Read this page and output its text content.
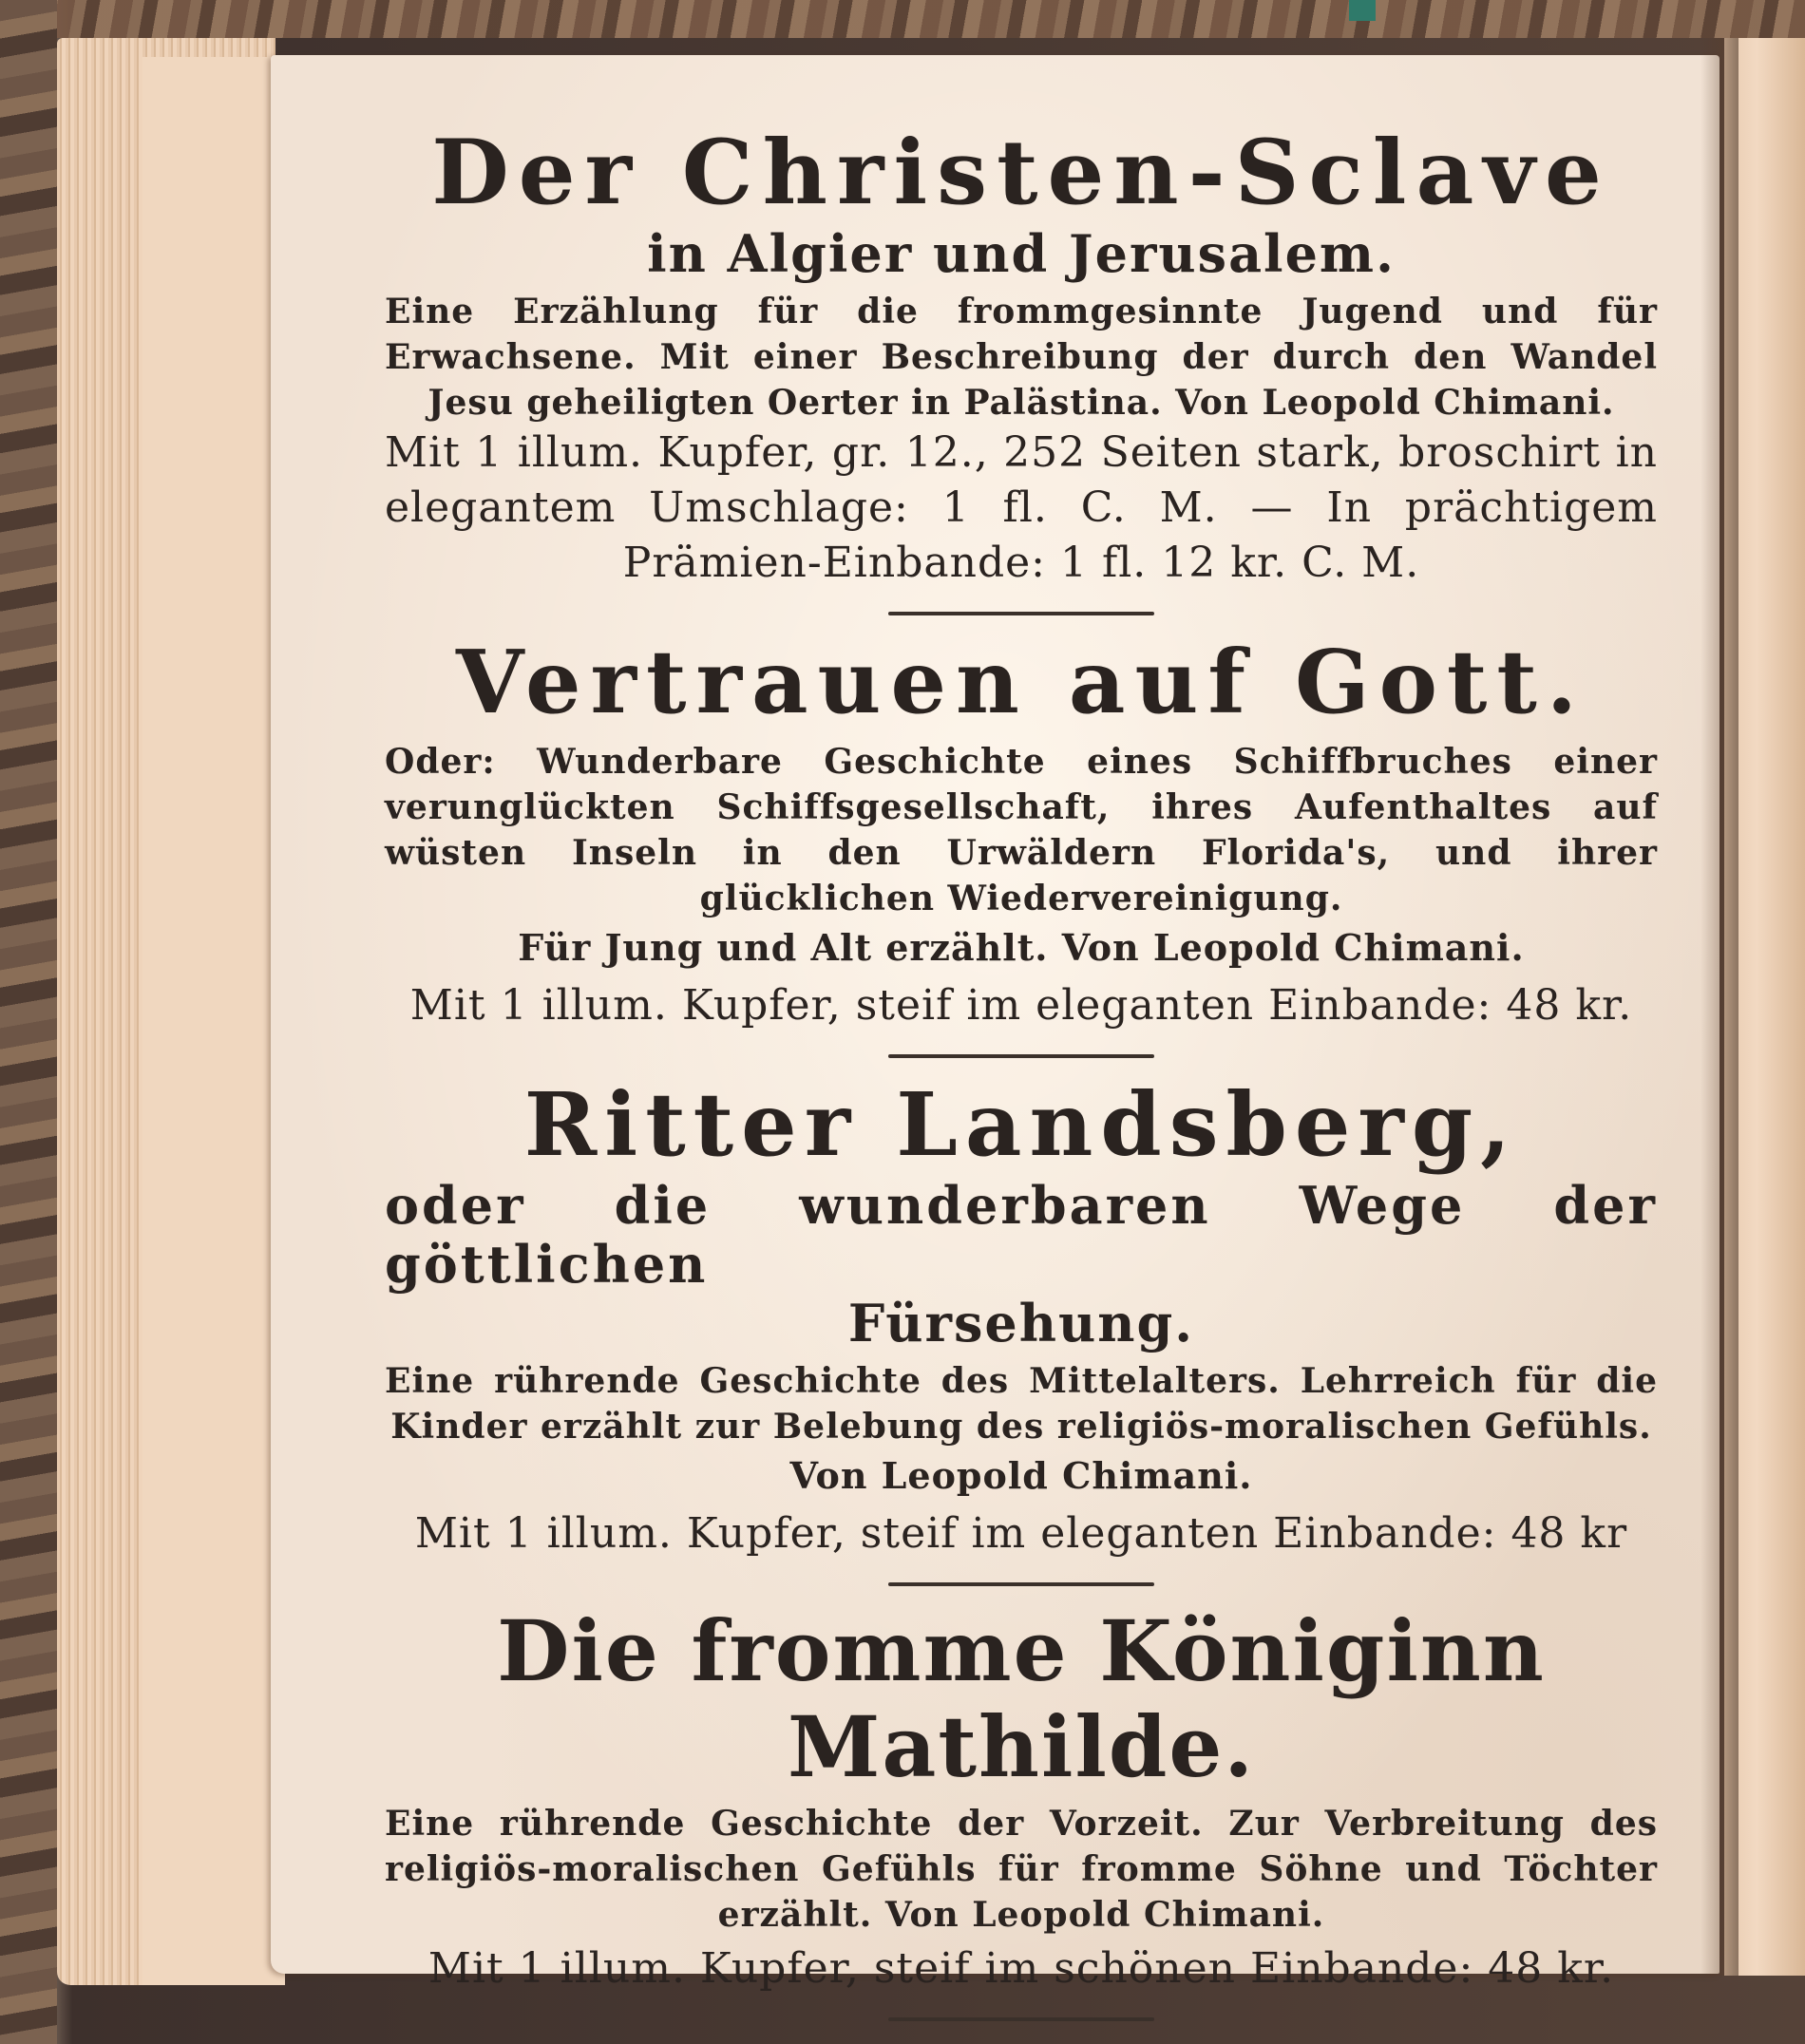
Der Christen-Sclave
in Algier und Jerusalem.

Eine Erzählung für die frommgesinnte Jugend und für Erwachsene. Mit einer Beschreibung der durch den Wandel Jesu geheiligten Oerter in Palästina. Von Leopold Chimani.

Mit 1 illum. Kupfer, gr. 12., 252 Seiten stark, broschirt in elegantem Umschlage: 1 fl. C. M. — In prächtigem Prämien-Einbande: 1 fl. 12 kr. C. M.

Vertrauen auf Gott.

Oder: Wunderbare Geschichte eines Schiffbruches einer verunglückten Schiffsgesellschaft, ihres Aufenthaltes auf wüsten Inseln in den Urwäldern Florida's, und ihrer glücklichen Wiedervereinigung.

Für Jung und Alt erzählt. Von Leopold Chimani.

Mit 1 illum. Kupfer, steif im eleganten Einbande: 48 kr.

Ritter Landsberg,
oder die wunderbaren Wege der göttlichen
Fürsehung.

Eine rührende Geschichte des Mittelalters. Lehrreich für die Kinder erzählt zur Belebung des religiös-moralischen Gefühls.

Von Leopold Chimani.

Mit 1 illum. Kupfer, steif im eleganten Einbande: 48 kr

Die fromme Königinn Mathilde.

Eine rührende Geschichte der Vorzeit. Zur Verbreitung des religiös-moralischen Gefühls für fromme Söhne und Töchter erzählt. Von Leopold Chimani.

Mit 1 illum. Kupfer, steif im schönen Einbande: 48 kr.
